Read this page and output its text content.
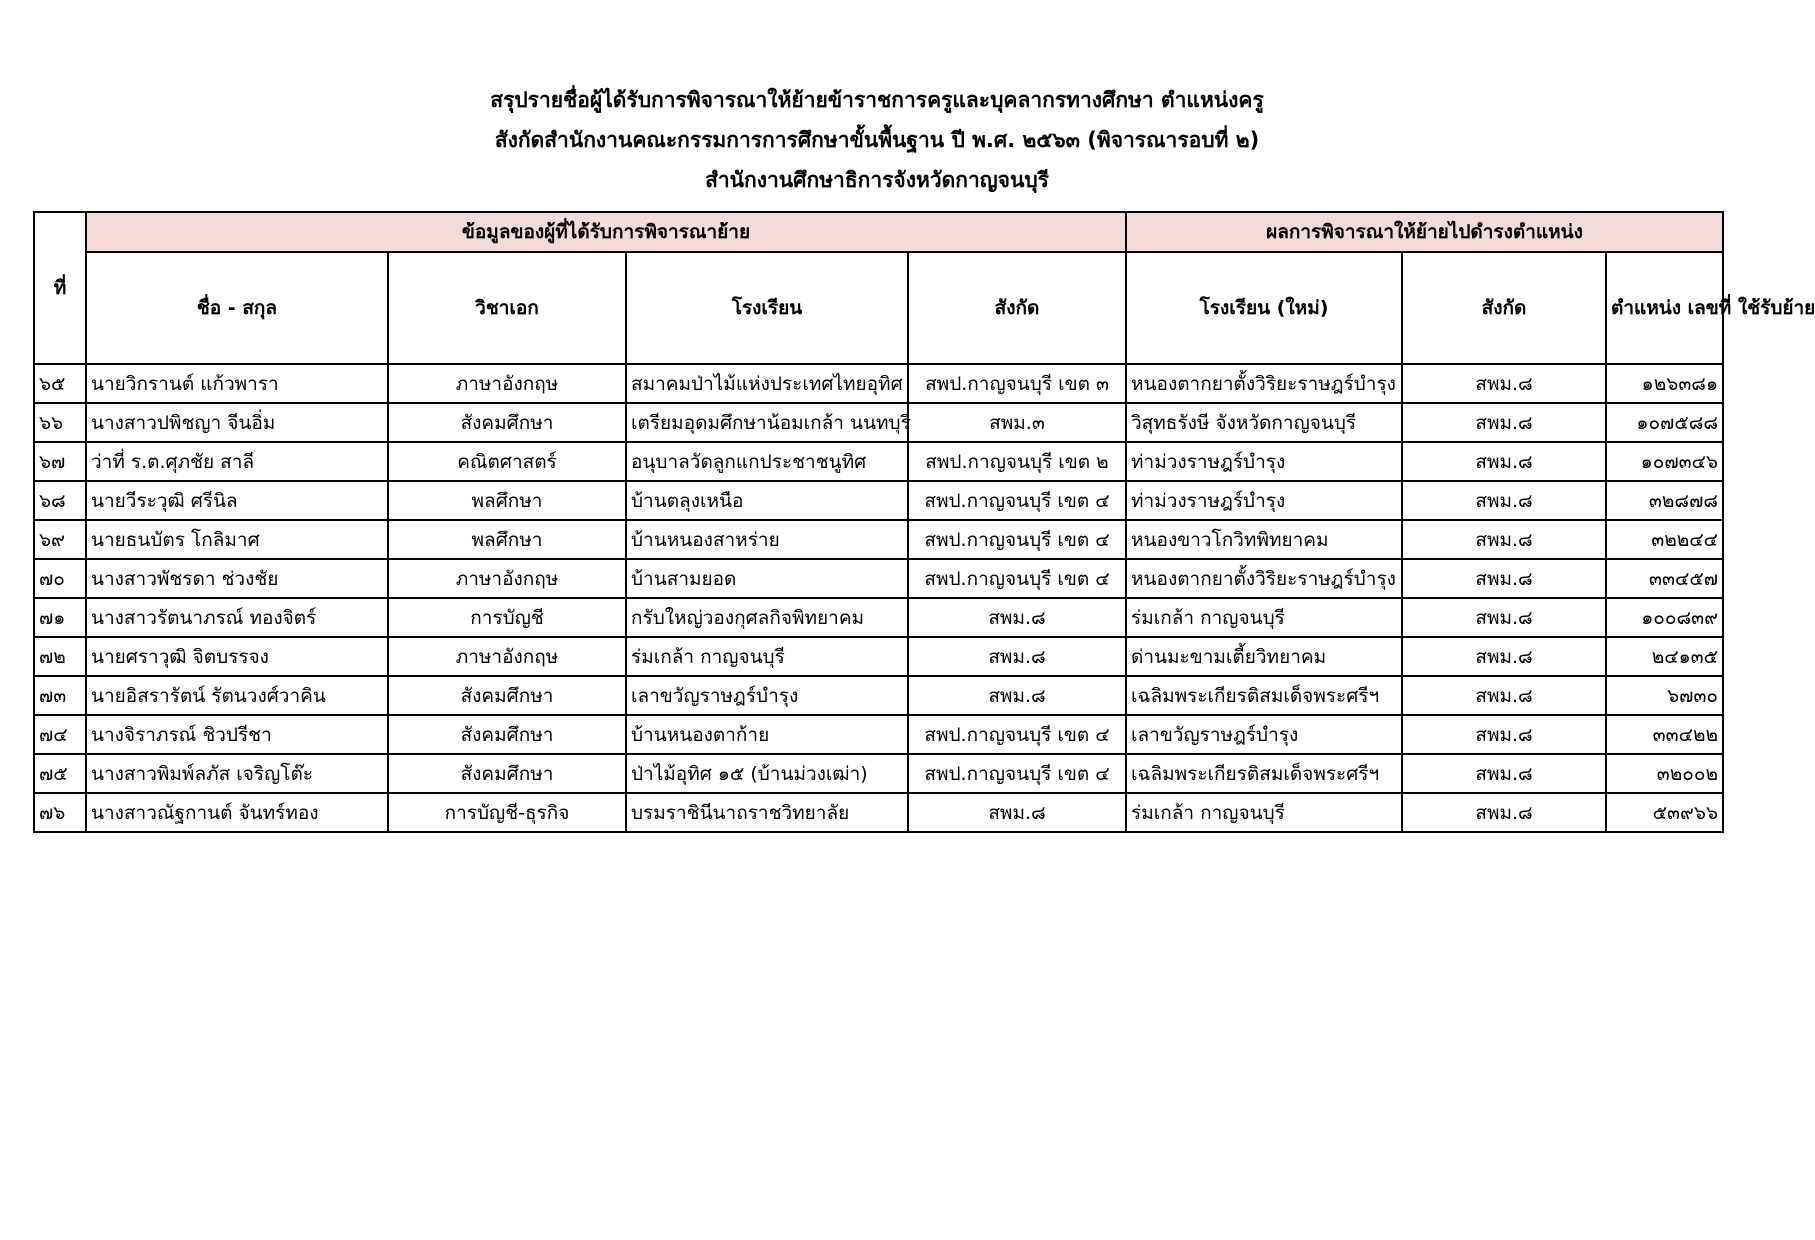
สรุปรายชื่อผู้ได้รับการพิจารณาให้ย้ายข้าราชการครูและบุคลากรทางศึกษา ตำแหน่งครู
สังกัดสำนักงานคณะกรรมการการศึกษาขั้นพื้นฐาน ปี พ.ศ. ๒๕๖๓ (พิจารณารอบที่ ๒)
สำนักงานศึกษาธิการจังหวัดกาญจนบุรี
ที่	ข้อมูลของผู้ที่ได้รับการพิจารณาย้าย				ผลการพิจารณาให้ย้ายไปดำรงตำแหน่ง		
	ชื่อ - สกุล	วิชาเอก	โรงเรียน	สังกัด	โรงเรียน (ใหม่)	สังกัด	ตำแหน่ง เลขที่ ใช้รับย้าย
๖๕	นายวิกรานต์ แก้วพารา	ภาษาอังกฤษ	สมาคมป่าไม้แห่งประเทศไทยอุทิศ	สพป.กาญจนบุรี เขต ๓	หนองตากยาตั้งวิริยะราษฎร์บำรุง	สพม.๘	๑๒๖๓๘๑
๖๖	นางสาวปพิชญา จีนอิ่ม	สังคมศึกษา	เตรียมอุดมศึกษาน้อมเกล้า นนทบุรี	สพม.๓	วิสุทธรังษี จังหวัดกาญจนบุรี	สพม.๘	๑๐๗๕๘๘
๖๗	ว่าที่ ร.ต.ศุภชัย สาลี	คณิตศาสตร์	อนุบาลวัดลูกแกประชาชนูทิศ	สพป.กาญจนบุรี เขต ๒	ท่าม่วงราษฎร์บำรุง	สพม.๘	๑๐๗๓๔๖
๖๘	นายวีระวุฒิ ศรีนิล	พลศึกษา	บ้านตลุงเหนือ	สพป.กาญจนบุรี เขต ๔	ท่าม่วงราษฎร์บำรุง	สพม.๘	๓๒๘๗๘
๖๙	นายธนบัตร โกลิมาศ	พลศึกษา	บ้านหนองสาหร่าย	สพป.กาญจนบุรี เขต ๔	หนองขาวโกวิทพิทยาคม	สพม.๘	๓๒๒๔๔
๗๐	นางสาวพัชรดา ช่วงชัย	ภาษาอังกฤษ	บ้านสามยอด	สพป.กาญจนบุรี เขต ๔	หนองตากยาตั้งวิริยะราษฎร์บำรุง	สพม.๘	๓๓๔๕๗
๗๑	นางสาวรัตนาภรณ์ ทองจิตร์	การบัญชี	กรับใหญ่วองกุศลกิจพิทยาคม	สพม.๘	ร่มเกล้า กาญจนบุรี	สพม.๘	๑๐๐๘๓๙
๗๒	นายศราวุฒิ จิตบรรจง	ภาษาอังกฤษ	ร่มเกล้า กาญจนบุรี	สพม.๘	ด่านมะขามเตี้ยวิทยาคม	สพม.๘	๒๔๑๓๕
๗๓	นายอิสรารัตน์ รัตนวงศ์วาคิน	สังคมศึกษา	เลาขวัญราษฎร์บำรุง	สพม.๘	เฉลิมพระเกียรติสมเด็จพระศรีฯ	สพม.๘	๖๗๓๐
๗๔	นางจิราภรณ์ ชิวปรีชา	สังคมศึกษา	บ้านหนองตาก้าย	สพป.กาญจนบุรี เขต ๔	เลาขวัญราษฎร์บำรุง	สพม.๘	๓๓๔๒๒
๗๕	นางสาวพิมพ์ลภัส เจริญโต๊ะ	สังคมศึกษา	ป่าไม้อุทิศ ๑๕ (บ้านม่วงเฒ่า)	สพป.กาญจนบุรี เขต ๔	เฉลิมพระเกียรติสมเด็จพระศรีฯ	สพม.๘	๓๒๐๐๒
๗๖	นางสาวณัฐกานต์ จันทร์ทอง	การบัญชี-ธุรกิจ	บรมราชินีนาถราชวิทยาลัย	สพม.๘	ร่มเกล้า กาญจนบุรี	สพม.๘	๕๓๙๖๖
